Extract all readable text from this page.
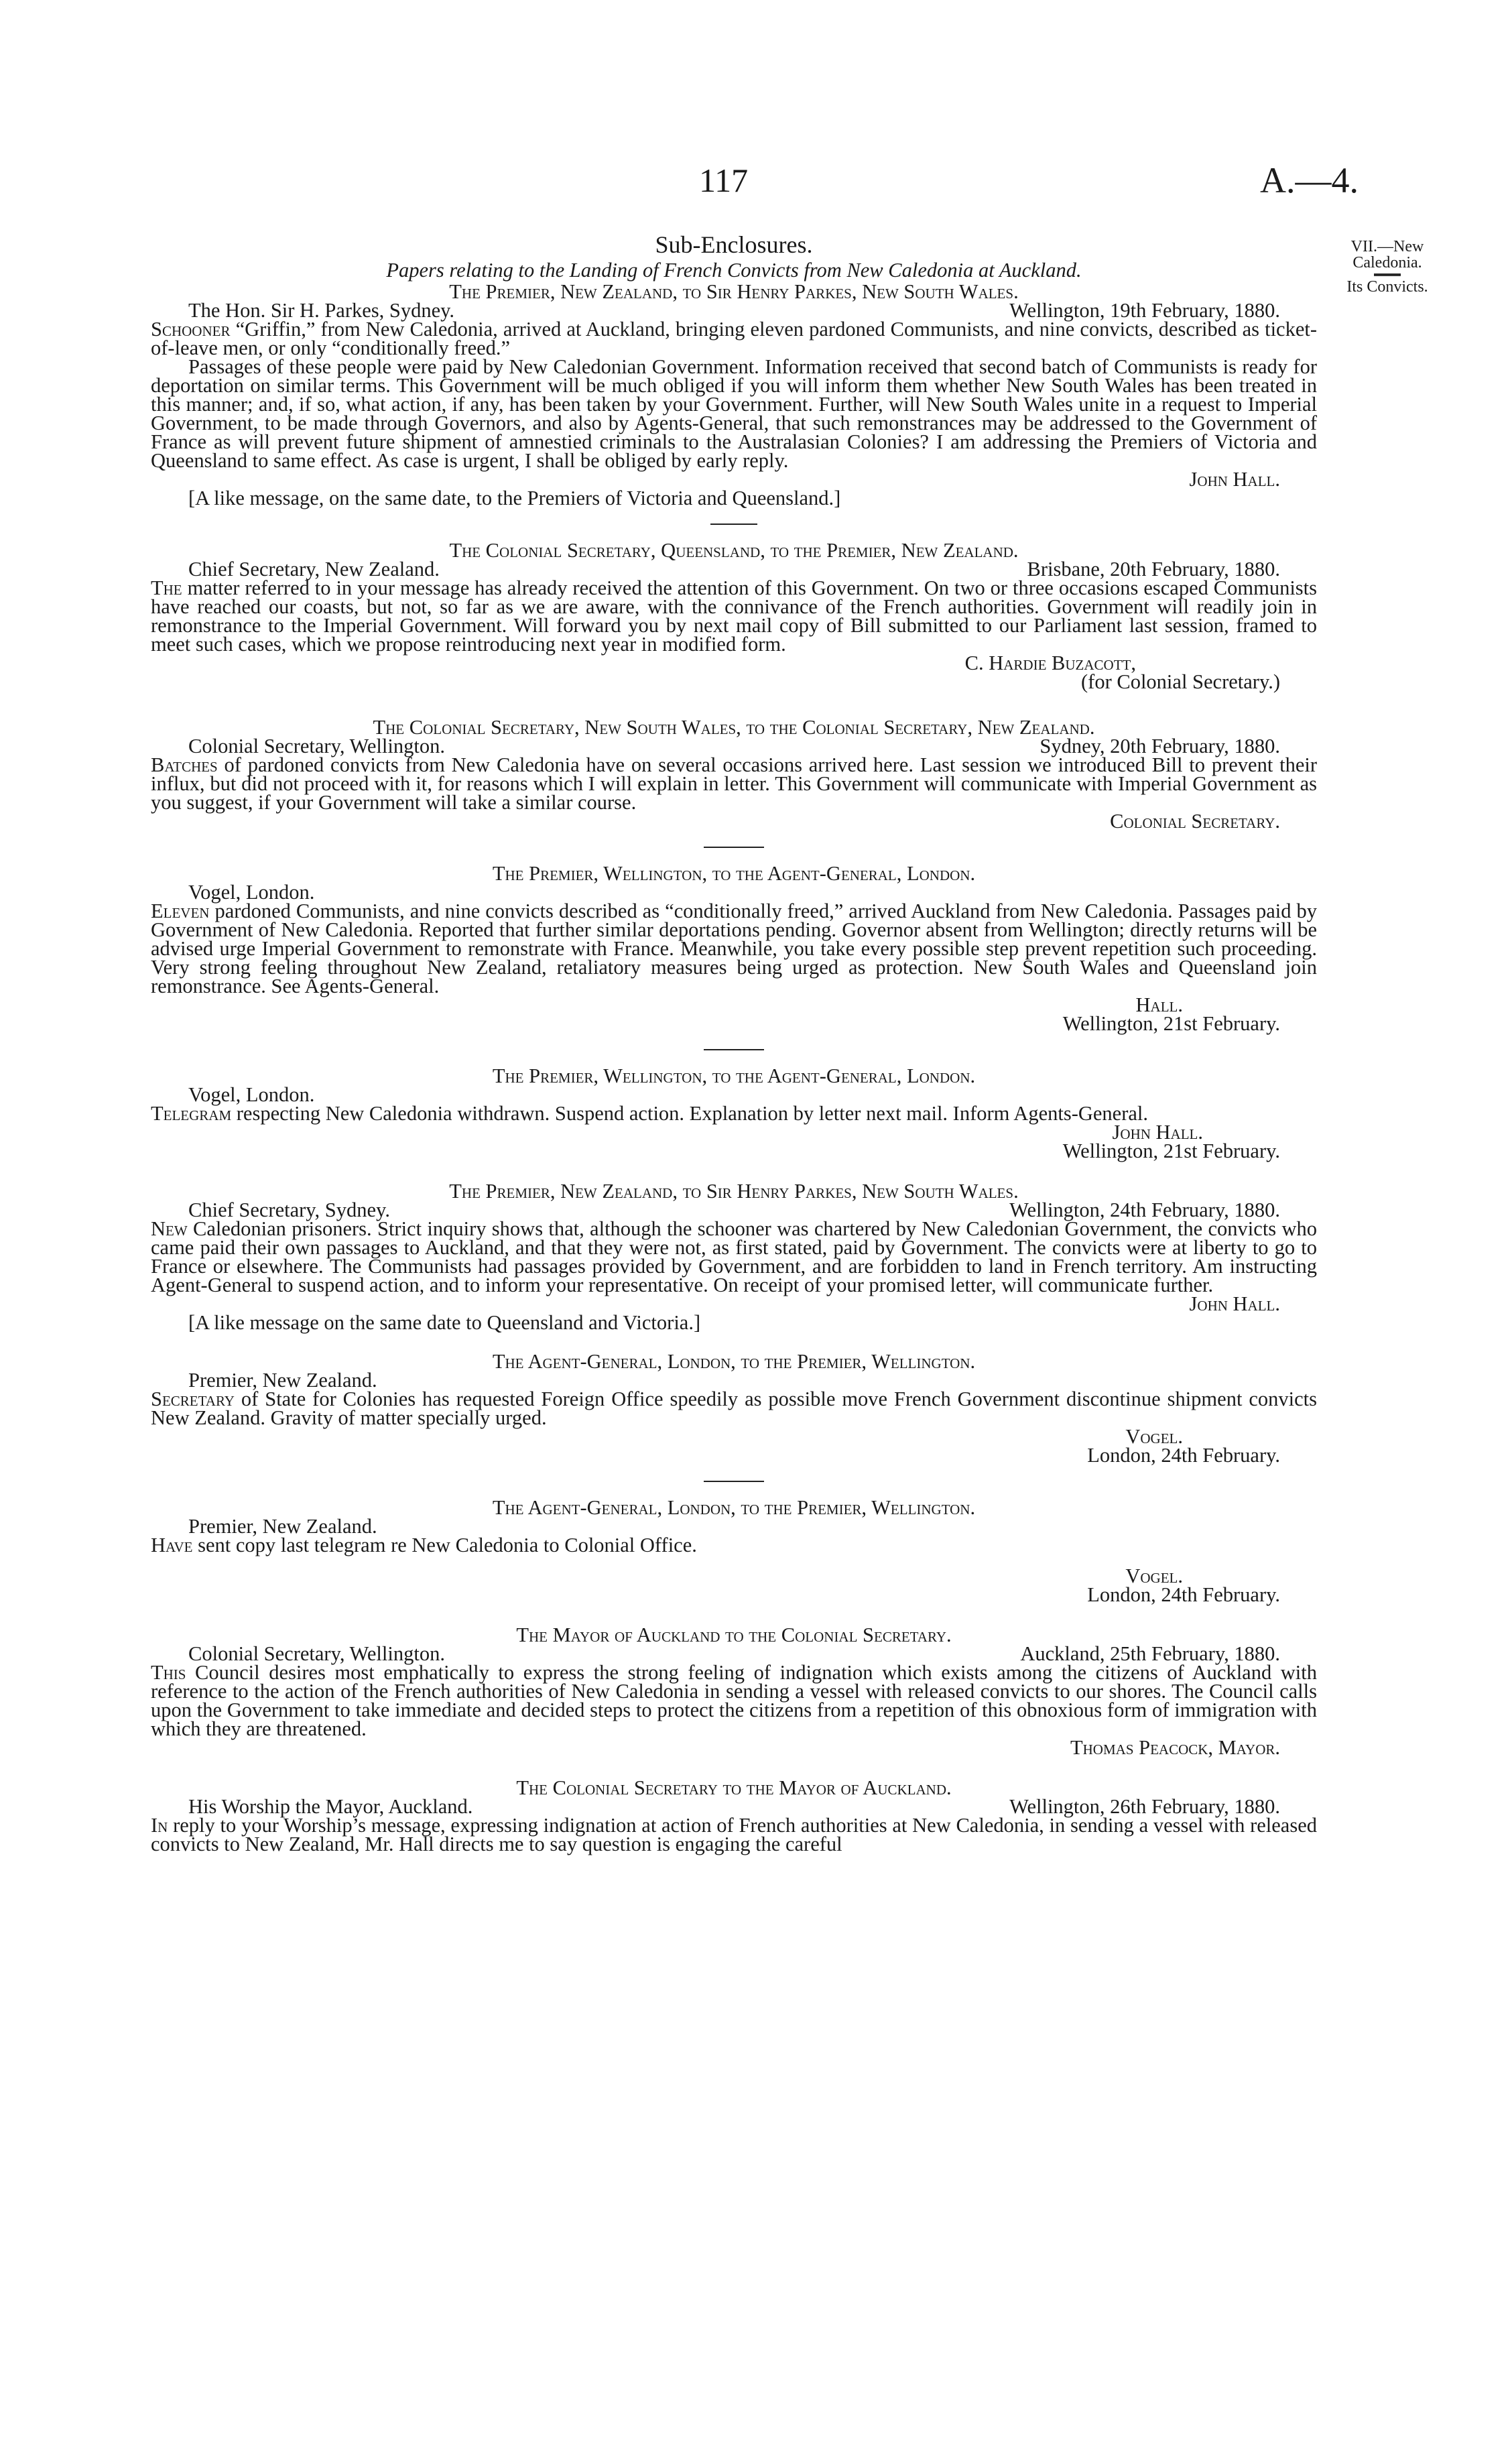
117	A.—4.
VII.—New
Caledonia.
Its Convicts.
Sub-Enclosures.
Papers relating to the Landing of French Convicts from New Caledonia at Auckland.
The Premier, New Zealand, to Sir Henry Parkes, New South Wales.
The Hon. Sir H. Parkes, Sydney.	Wellington, 19th February, 1880.
Schooner “Griffin,” from New Caledonia, arrived at Auckland, bringing eleven pardoned Communists, and nine convicts, described as ticket-of-leave men, or only “conditionally freed.”
Passages of these people were paid by New Caledonian Government. Information received that second batch of Communists is ready for deportation on similar terms. This Government will be much obliged if you will inform them whether New South Wales has been treated in this manner; and, if so, what action, if any, has been taken by your Government. Further, will New South Wales unite in a request to Imperial Government, to be made through Governors, and also by Agents-General, that such remonstrances may be addressed to the Government of France as will prevent future shipment of amnestied criminals to the Australasian Colonies? I am addressing the Premiers of Victoria and Queensland to same effect. As case is urgent, I shall be obliged by early reply.
John Hall.
[A like message, on the same date, to the Premiers of Victoria and Queensland.]
The Colonial Secretary, Queensland, to the Premier, New Zealand.
Chief Secretary, New Zealand.	Brisbane, 20th February, 1880.
The matter referred to in your message has already received the attention of this Government. On two or three occasions escaped Communists have reached our coasts, but not, so far as we are aware, with the connivance of the French authorities. Government will readily join in remonstrance to the Imperial Government. Will forward you by next mail copy of Bill submitted to our Parliament last session, framed to meet such cases, which we propose reintroducing next year in modified form.
C. Hardie Buzacott,
(for Colonial Secretary.)
The Colonial Secretary, New South Wales, to the Colonial Secretary, New Zealand.
Colonial Secretary, Wellington.	Sydney, 20th February, 1880.
Batches of pardoned convicts from New Caledonia have on several occasions arrived here. Last session we introduced Bill to prevent their influx, but did not proceed with it, for reasons which I will explain in letter. This Government will communicate with Imperial Government as you suggest, if your Government will take a similar course.
Colonial Secretary.
The Premier, Wellington, to the Agent-General, London.
Vogel, London.
Eleven pardoned Communists, and nine convicts described as “conditionally freed,” arrived Auckland from New Caledonia. Passages paid by Government of New Caledonia. Reported that further similar deportations pending. Governor absent from Wellington; directly returns will be advised urge Imperial Government to remonstrate with France. Meanwhile, you take every possible step prevent repetition such proceeding. Very strong feeling throughout New Zealand, retaliatory measures being urged as protection. New South Wales and Queensland join remonstrance. See Agents-General.
Hall.
Wellington, 21st February.
The Premier, Wellington, to the Agent-General, London.
Vogel, London.
Telegram respecting New Caledonia withdrawn. Suspend action. Explanation by letter next mail. Inform Agents-General.
John Hall.
Wellington, 21st February.
The Premier, New Zealand, to Sir Henry Parkes, New South Wales.
Chief Secretary, Sydney.	Wellington, 24th February, 1880.
New Caledonian prisoners. Strict inquiry shows that, although the schooner was chartered by New Caledonian Government, the convicts who came paid their own passages to Auckland, and that they were not, as first stated, paid by Government. The convicts were at liberty to go to France or elsewhere. The Communists had passages provided by Government, and are forbidden to land in French territory. Am instructing Agent-General to suspend action, and to inform your representative. On receipt of your promised letter, will communicate further.
John Hall.
[A like message on the same date to Queensland and Victoria.]
The Agent-General, London, to the Premier, Wellington.
Premier, New Zealand.
Secretary of State for Colonies has requested Foreign Office speedily as possible move French Government discontinue shipment convicts New Zealand. Gravity of matter specially urged.
Vogel.
London, 24th February.
The Agent-General, London, to the Premier, Wellington.
Premier, New Zealand.
Have sent copy last telegram re New Caledonia to Colonial Office.
Vogel.
London, 24th February.
The Mayor of Auckland to the Colonial Secretary.
Colonial Secretary, Wellington.	Auckland, 25th February, 1880.
This Council desires most emphatically to express the strong feeling of indignation which exists among the citizens of Auckland with reference to the action of the French authorities of New Caledonia in sending a vessel with released convicts to our shores. The Council calls upon the Government to take immediate and decided steps to protect the citizens from a repetition of this obnoxious form of immigration with which they are threatened.
Thomas Peacock, Mayor.
The Colonial Secretary to the Mayor of Auckland.
His Worship the Mayor, Auckland.	Wellington, 26th February, 1880.
In reply to your Worship’s message, expressing indignation at action of French authorities at New Caledonia, in sending a vessel with released convicts to New Zealand, Mr. Hall directs me to say question is engaging the careful
